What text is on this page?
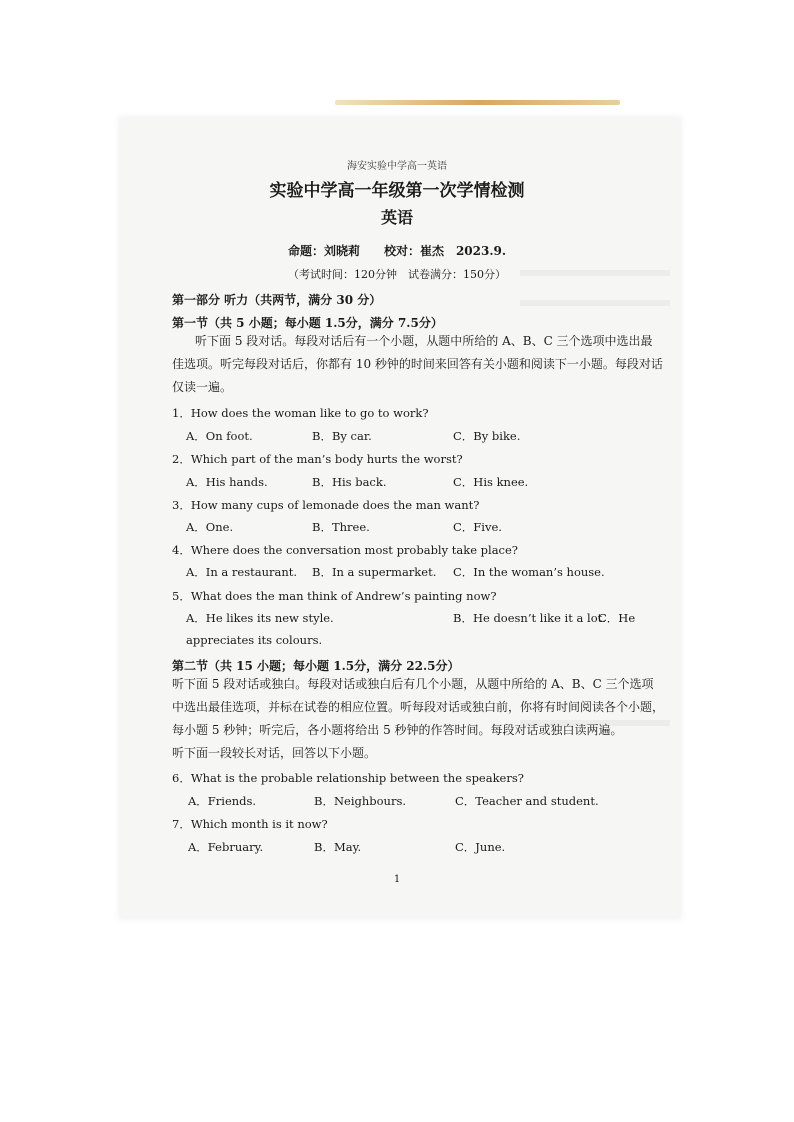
海安实验中学高一英语
实验中学高一年级第一次学情检测
英语
命题：刘晓莉　　校对：崔杰　2023.9.
（考试时间：120分钟　试卷满分：150分）
第一部分 听力（共两节，满分 30 分）
第一节（共 5 小题；每小题 1.5分，满分 7.5分）
听下面 5 段对话。每段对话后有一个小题，从题中所给的 A、B、C 三个选项中选出最
佳选项。听完每段对话后，你都有 10 秒钟的时间来回答有关小题和阅读下一小题。每段对话
仅读一遍。
1．How does the woman like to go to work?
A．On foot.	B．By car.	C．By bike.
2．Which part of the man’s body hurts the worst?
A．His hands.	B．His back.	C．His knee.
3．How many cups of lemonade does the man want?
A．One.	B．Three.	C．Five.
4．Where does the conversation most probably take place?
A．In a restaurant. B．In a supermarket. C．In the woman’s house.
5．What does the man think of Andrew’s painting now?
A．He likes its new style.	B．He doesn’t like it a lot.
C．He
appreciates its colours.
第二节（共 15 小题；每小题 1.5分，满分 22.5分）
听下面 5 段对话或独白。每段对话或独白后有几个小题，从题中所给的 A、B、C 三个选项
中选出最佳选项，并标在试卷的相应位置。听每段对话或独白前，你将有时间阅读各个小题，
每小题 5 秒钟；听完后，各小题将给出 5 秒钟的作答时间。每段对话或独白读两遍。
听下面一段较长对话，回答以下小题。
6．What is the probable relationship between the speakers?
A．Friends.	B．Neighbours.	C．Teacher and student.
7．Which month is it now?
A．February.	B．May.	C．June.
1
